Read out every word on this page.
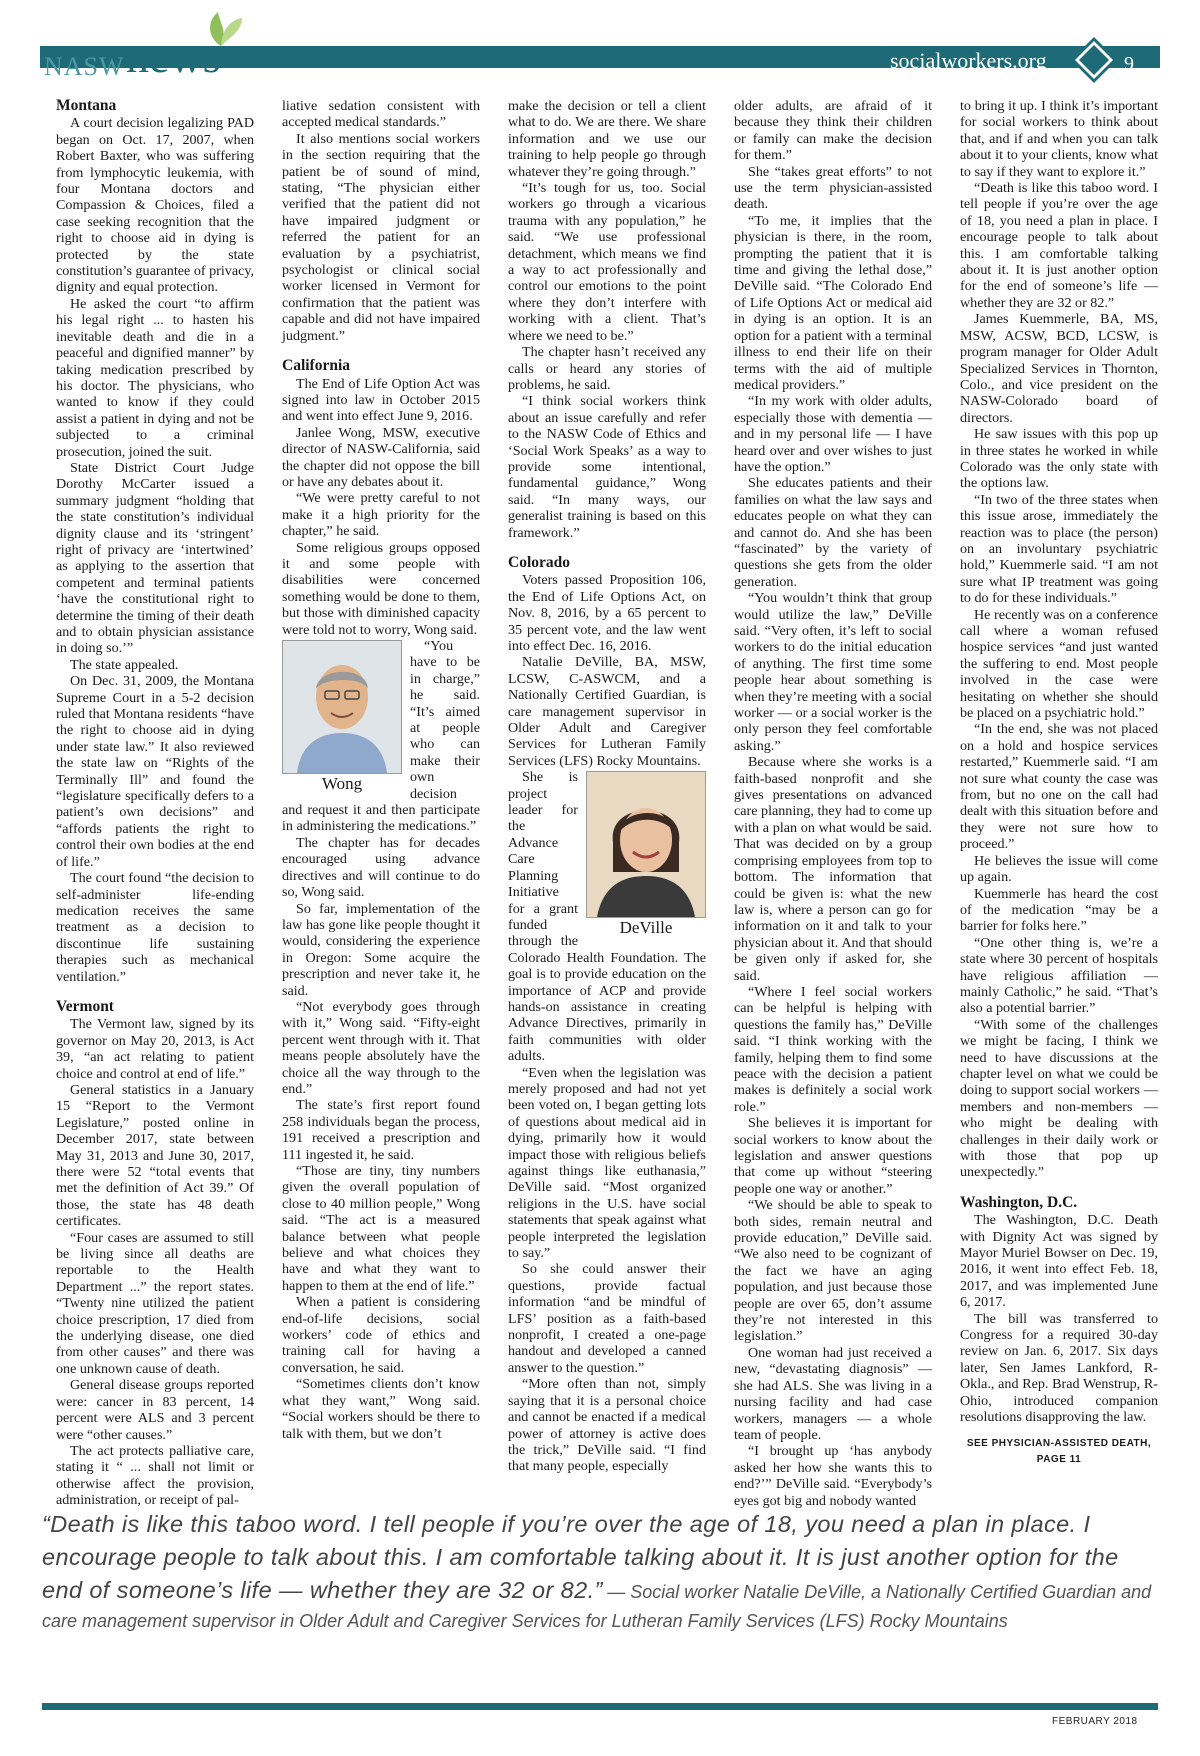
NASW news	socialworkers.org	9
Montana

A court decision legalizing PAD began on Oct. 17, 2007, when Robert Baxter, who was suffering from lymphocytic leukemia, with four Montana doctors and Compassion & Choices, filed a case seeking recognition that the right to choose aid in dying is protected by the state constitution’s guarantee of privacy, dignity and equal protection.

He asked the court “to affirm his legal right ... to hasten his inevitable death and die in a peaceful and dignified manner” by taking medication prescribed by his doctor. The physicians, who wanted to know if they could assist a patient in dying and not be subjected to a criminal prosecution, joined the suit.

State District Court Judge Dorothy McCarter issued a summary judgment “holding that the state constitution’s individual dignity clause and its ‘stringent’ right of privacy are ‘intertwined’ as applying to the assertion that competent and terminal patients ‘have the constitutional right to determine the timing of their death and to obtain physician assistance in doing so.’”

The state appealed.

On Dec. 31, 2009, the Montana Supreme Court in a 5-2 decision ruled that Montana residents “have the right to choose aid in dying under state law.” It also reviewed the state law on “Rights of the Terminally Ill” and found the “legislature specifically defers to a patient’s own decisions” and “affords patients the right to control their own bodies at the end of life.”

The court found “the decision to self-administer life-ending medication receives the same treatment as a decision to discontinue life sustaining therapies such as mechanical ventilation.”

Vermont

The Vermont law, signed by its governor on May 20, 2013, is Act 39, “an act relating to patient choice and control at end of life.”

General statistics in a January 15 “Report to the Vermont Legislature,” posted online in December 2017, state between May 31, 2013 and June 30, 2017, there were 52 “total events that met the definition of Act 39.” Of those, the state has 48 death certificates.

“Four cases are assumed to still be living since all deaths are reportable to the Health Department ...” the report states. “Twenty nine utilized the patient choice prescription, 17 died from the underlying disease, one died from other causes” and there was one unknown cause of death.

General disease groups reported were: cancer in 83 percent, 14 percent were ALS and 3 percent were “other causes.”

The act protects palliative care, stating it “ ... shall not limit or otherwise affect the provision, administration, or receipt of pal-

liative sedation consistent with accepted medical standards.”

It also mentions social workers in the section requiring that the patient be of sound of mind, stating, “The physician either verified that the patient did not have impaired judgment or referred the patient for an evaluation by a psychiatrist, psychologist or clinical social worker licensed in Vermont for confirmation that the patient was capable and did not have impaired judgment.”

California

The End of Life Option Act was signed into law in October 2015 and went into effect June 9, 2016.

Janlee Wong, MSW, executive director of NASW-California, said the chapter did not oppose the bill or have any debates about it.

“We were pretty careful to not make it a high priority for the chapter,” he said.

Some religious groups opposed it and some people with disabilities were concerned something would be done to them, but those with diminished capacity were told not to worry, Wong said.

Wong

“You have to be in charge,” he said. “It’s aimed at people who can make their own decision and request it and then participate in administering the medications.”

The chapter has for decades encouraged using advance directives and will continue to do so, Wong said.

So far, implementation of the law has gone like people thought it would, considering the experience in Oregon: Some acquire the prescription and never take it, he said.

“Not everybody goes through with it,” Wong said. “Fifty-eight percent went through with it. That means people absolutely have the choice all the way through to the end.”

The state’s first report found 258 individuals began the process, 191 received a prescription and 111 ingested it, he said.

“Those are tiny, tiny numbers given the overall population of close to 40 million people,” Wong said. “The act is a measured balance between what people believe and what choices they have and what they want to happen to them at the end of life.”

When a patient is considering end-of-life decisions, social workers’ code of ethics and training call for having a conversation, he said.

“Sometimes clients don’t know what they want,” Wong said. “Social workers should be there to talk with them, but we don’t

make the decision or tell a client what to do. We are there. We share information and we use our training to help people go through whatever they’re going through.”

“It’s tough for us, too. Social workers go through a vicarious trauma with any population,” he said. “We use professional detachment, which means we find a way to act professionally and control our emotions to the point where they don’t interfere with working with a client. That’s where we need to be.”

The chapter hasn’t received any calls or heard any stories of problems, he said.

“I think social workers think about an issue carefully and refer to the NASW Code of Ethics and ‘Social Work Speaks’ as a way to provide some intentional, fundamental guidance,” Wong said. “In many ways, our generalist training is based on this framework.”

Colorado

Voters passed Proposition 106, the End of Life Options Act, on Nov. 8, 2016, by a 65 percent to 35 percent vote, and the law went into effect Dec. 16, 2016.

Natalie DeVille, BA, MSW, LCSW, C-ASWCM, and a Nationally Certified Guardian, is care management supervisor in Older Adult and Caregiver Services for Lutheran Family Services (LFS) Rocky Mountains.

DeVille

She is project leader for the Advance Care Planning Initiative for a grant funded through the Colorado Health Foundation. The goal is to provide education on the importance of ACP and provide hands-on assistance in creating Advance Directives, primarily in faith communities with older adults.

“Even when the legislation was merely proposed and had not yet been voted on, I began getting lots of questions about medical aid in dying, primarily how it would impact those with religious beliefs against things like euthanasia,” DeVille said. “Most organized religions in the U.S. have social statements that speak against what people interpreted the legislation to say.”

So she could answer their questions, provide factual information “and be mindful of LFS’ position as a faith-based nonprofit, I created a one-page handout and developed a canned answer to the question.”

“More often than not, simply saying that it is a personal choice and cannot be enacted if a medical power of attorney is active does the trick,” DeVille said. “I find that many people, especially

older adults, are afraid of it because they think their children or family can make the decision for them.”

She “takes great efforts” to not use the term physician-assisted death.

“To me, it implies that the physician is there, in the room, prompting the patient that it is time and giving the lethal dose,” DeVille said. “The Colorado End of Life Options Act or medical aid in dying is an option. It is an option for a patient with a terminal illness to end their life on their terms with the aid of multiple medical providers.”

“In my work with older adults, especially those with dementia — and in my personal life — I have heard over and over wishes to just have the option.”

She educates patients and their families on what the law says and educates people on what they can and cannot do. And she has been “fascinated” by the variety of questions she gets from the older generation.

“You wouldn’t think that group would utilize the law,” DeVille said. “Very often, it’s left to social workers to do the initial education of anything. The first time some people hear about something is when they’re meeting with a social worker — or a social worker is the only person they feel comfortable asking.”

Because where she works is a faith-based nonprofit and she gives presentations on advanced care planning, they had to come up with a plan on what would be said. That was decided on by a group comprising employees from top to bottom. The information that could be given is: what the new law is, where a person can go for information on it and talk to your physician about it. And that should be given only if asked for, she said.

“Where I feel social workers can be helpful is helping with questions the family has,” DeVille said. “I think working with the family, helping them to find some peace with the decision a patient makes is definitely a social work role.”

She believes it is important for social workers to know about the legislation and answer questions that come up without “steering people one way or another.”

“We should be able to speak to both sides, remain neutral and provide education,” DeVille said. “We also need to be cognizant of the fact we have an aging population, and just because those people are over 65, don’t assume they’re not interested in this legislation.”

One woman had just received a new, “devastating diagnosis” — she had ALS. She was living in a nursing facility and had case workers, managers — a whole team of people.

“I brought up ‘has anybody asked her how she wants this to end?’” DeVille said. “Everybody’s eyes got big and nobody wanted

to bring it up. I think it’s important for social workers to think about that, and if and when you can talk about it to your clients, know what to say if they want to explore it.”

“Death is like this taboo word. I tell people if you’re over the age of 18, you need a plan in place. I encourage people to talk about this. I am comfortable talking about it. It is just another option for the end of someone’s life — whether they are 32 or 82.”

James Kuemmerle, BA, MS, MSW, ACSW, BCD, LCSW, is program manager for Older Adult Specialized Services in Thornton, Colo., and vice president on the NASW-Colorado board of directors.

He saw issues with this pop up in three states he worked in while Colorado was the only state with the options law.

“In two of the three states when this issue arose, immediately the reaction was to place (the person) on an involuntary psychiatric hold,” Kuemmerle said. “I am not sure what IP treatment was going to do for these individuals.”

He recently was on a conference call where a woman refused hospice services “and just wanted the suffering to end. Most people involved in the case were hesitating on whether she should be placed on a psychiatric hold.”

“In the end, she was not placed on a hold and hospice services restarted,” Kuemmerle said. “I am not sure what county the case was from, but no one on the call had dealt with this situation before and they were not sure how to proceed.”

He believes the issue will come up again.

Kuemmerle has heard the cost of the medication “may be a barrier for folks here.”

“One other thing is, we’re a state where 30 percent of hospitals have religious affiliation — mainly Catholic,” he said. “That’s also a potential barrier.”

“With some of the challenges we might be facing, I think we need to have discussions at the chapter level on what we could be doing to support social workers — members and non-members — who might be dealing with challenges in their daily work or with those that pop up unexpectedly.”

Washington, D.C.

The Washington, D.C. Death with Dignity Act was signed by Mayor Muriel Bowser on Dec. 19, 2016, it went into effect Feb. 18, 2017, and was implemented June 6, 2017.

The bill was transferred to Congress for a required 30-day review on Jan. 6, 2017. Six days later, Sen James Lankford, R-Okla., and Rep. Brad Wenstrup, R-Ohio, introduced companion resolutions disapproving the law.

SEE PHYSICIAN-ASSISTED DEATH, PAGE 11
“Death is like this taboo word. I tell people if you’re over the age of 18, you need a plan in place. I encourage people to talk about this. I am comfortable talking about it. It is just another option for the end of someone’s life — whether they are 32 or 82.” — Social worker Natalie DeVille, a Nationally Certified Guardian and care management supervisor in Older Adult and Caregiver Services for Lutheran Family Services (LFS) Rocky Mountains
FEBRUARY 2018
